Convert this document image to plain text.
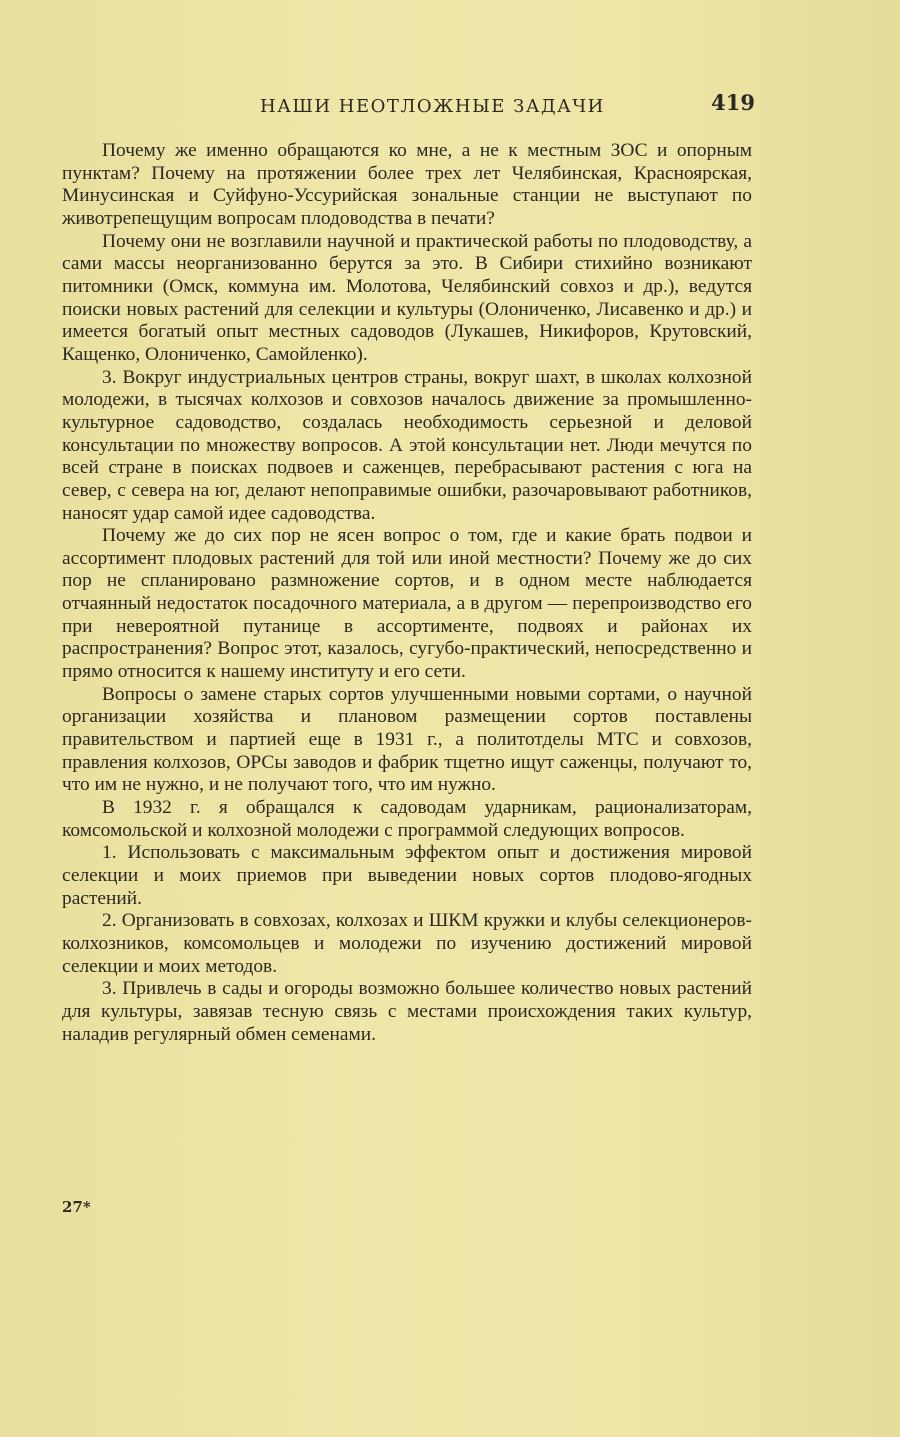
НАШИ НЕОТЛОЖНЫЕ ЗАДАЧИ	419

Почему же именно обращаются ко мне, а не к местным ЗОС и опорным пунктам? Почему на протяжении более трех лет Челябинская, Красноярская, Минусинская и Суйфуно-Уссурийская зональные станции не выступают по животрепещущим вопросам плодоводства в печати?

Почему они не возглавили научной и практической работы по плодоводству, а сами массы неорганизованно берутся за это. В Сибири стихийно возникают питомники (Омск, коммуна им. Молотова, Челябинский совхоз и др.), ведутся поиски новых растений для селекции и культуры (Олониченко, Лисавенко и др.) и имеется богатый опыт местных садоводов (Лукашев, Никифоров, Крутовский, Кащенко, Олониченко, Самойленко).

3. Вокруг индустриальных центров страны, вокруг шахт, в школах колхозной молодежи, в тысячах колхозов и совхозов началось движение за промышленно-культурное садоводство, создалась необходимость серьезной и деловой консультации по множеству вопросов. А этой консультации нет. Люди мечутся по всей стране в поисках подвоев и саженцев, перебрасывают растения с юга на север, с севера на юг, делают непоправимые ошибки, разочаровывают работников, наносят удар самой идее садоводства.

Почему же до сих пор не ясен вопрос о том, где и какие брать подвои и ассортимент плодовых растений для той или иной местности? Почему же до сих пор не спланировано размножение сортов, и в одном месте наблюдается отчаянный недостаток посадочного материала, а в другом — перепроизводство его при невероятной путанице в ассортименте, подвоях и районах их распространения? Вопрос этот, казалось, сугубо-практический, непосредственно и прямо относится к нашему институту и его сети.

Вопросы о замене старых сортов улучшенными новыми сортами, о научной организации хозяйства и плановом размещении сортов поставлены правительством и партией еще в 1931 г., а политотделы МТС и совхозов, правления колхозов, ОРСы заводов и фабрик тщетно ищут саженцы, получают то, что им не нужно, и не получают того, что им нужно.

В 1932 г. я обращался к садоводам ударникам, рационализаторам, комсомольской и колхозной молодежи с программой следующих вопросов.

1. Использовать с максимальным эффектом опыт и достижения мировой селекции и моих приемов при выведении новых сортов плодово-ягодных растений.

2. Организовать в совхозах, колхозах и ШКМ кружки и клубы селекционеров-колхозников, комсомольцев и молодежи по изучению достижений мировой селекции и моих методов.

3. Привлечь в сады и огороды возможно большее количество новых растений для культуры, завязав тесную связь с местами происхождения таких культур, наладив регулярный обмен семенами.

27*
